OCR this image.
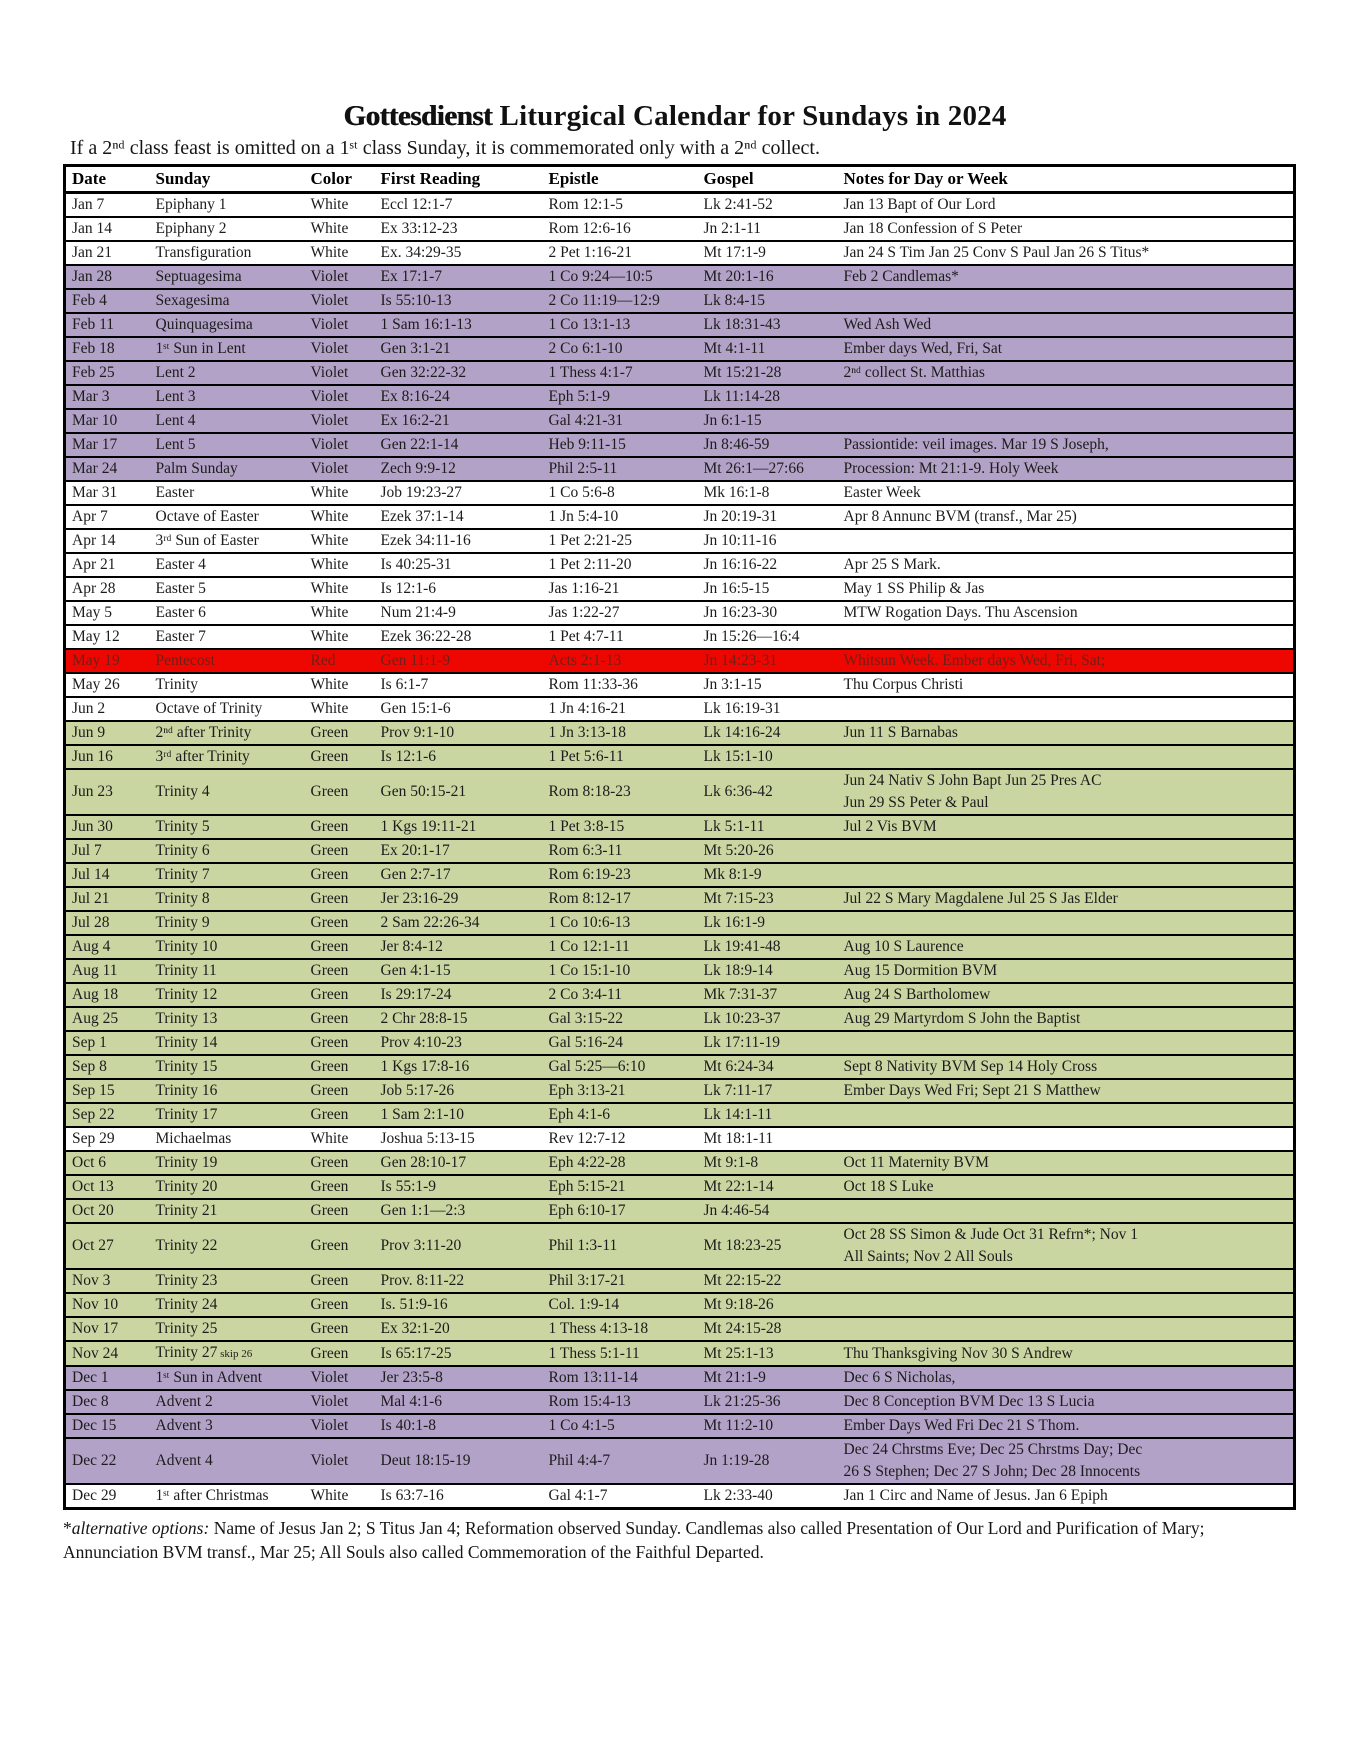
Gottesdienst Liturgical Calendar for Sundays in 2024
If a 2ⁿᵈ class feast is omitted on a 1ˢᵗ class Sunday, it is commemorated only with a 2ⁿᵈ collect.
Date	Sunday	Color	First Reading	Epistle	Gospel	Notes for Day or Week
Jan 7	Epiphany 1	White	Eccl 12:1-7	Rom 12:1-5	Lk 2:41-52	Jan 13 Bapt of Our Lord

Jan 14	Epiphany 2	White	Ex 33:12-23	Rom 12:6-16	Jn 2:1-11	Jan 18 Confession of S Peter

Jan 21	Transfiguration	White	Ex. 34:29-35	2 Pet 1:16-21	Mt 17:1-9	Jan 24 S Tim Jan 25 Conv S Paul Jan 26 S Titus*

Jan 28	Septuagesima	Violet	Ex 17:1-7	1 Co 9:24—10:5	Mt 20:1-16	Feb 2 Candlemas*

Feb 4	Sexagesima	Violet	Is 55:10-13	2 Co 11:19—12:9	Lk 8:4-15	
Feb 11	Quinquagesima	Violet	1 Sam 16:1-13	1 Co 13:1-13	Lk 18:31-43	Wed Ash Wed

Feb 18	1ˢᵗ Sun in Lent	Violet	Gen 3:1-21	2 Co 6:1-10	Mt 4:1-11	Ember days Wed, Fri, Sat

Feb 25	Lent 2	Violet	Gen 32:22-32	1 Thess 4:1-7	Mt 15:21-28	2ⁿᵈ collect St. Matthias

Mar 3	Lent 3	Violet	Ex 8:16-24	Eph 5:1-9	Lk 11:14-28	
Mar 10	Lent 4	Violet	Ex 16:2-21	Gal 4:21-31	Jn 6:1-15	
Mar 17	Lent 5	Violet	Gen 22:1-14	Heb 9:11-15	Jn 8:46-59	Passiontide: veil images. Mar 19 S Joseph,

Mar 24	Palm Sunday	Violet	Zech 9:9-12	Phil 2:5-11	Mt 26:1—27:66	Procession: Mt 21:1-9. Holy Week

Mar 31	Easter	White	Job 19:23-27	1 Co 5:6-8	Mk 16:1-8	Easter Week

Apr 7	Octave of Easter	White	Ezek 37:1-14	1 Jn 5:4-10	Jn 20:19-31	Apr 8 Annunc BVM (transf., Mar 25)

Apr 14	3ʳᵈ Sun of Easter	White	Ezek 34:11-16	1 Pet 2:21-25	Jn 10:11-16	
Apr 21	Easter 4	White	Is 40:25-31	1 Pet 2:11-20	Jn 16:16-22	Apr 25 S Mark.

Apr 28	Easter 5	White	Is 12:1-6	Jas 1:16-21	Jn 16:5-15	May 1 SS Philip & Jas

May 5	Easter 6	White	Num 21:4-9	Jas 1:22-27	Jn 16:23-30	MTW Rogation Days. Thu Ascension

May 12	Easter 7	White	Ezek 36:22-28	1 Pet 4:7-11	Jn 15:26—16:4	
May 19	Pentecost	Red	Gen 11:1-9	Acts 2:1-13	Jn 14:23-31	Whitsun Week. Ember days Wed, Fri, Sat;

May 26	Trinity	White	Is 6:1-7	Rom 11:33-36	Jn 3:1-15	Thu Corpus Christi

Jun 2	Octave of Trinity	White	Gen 15:1-6	1 Jn 4:16-21	Lk 16:19-31	
Jun 9	2ⁿᵈ after Trinity	Green	Prov 9:1-10	1 Jn 3:13-18	Lk 14:16-24	Jun 11 S Barnabas

Jun 16	3ʳᵈ after Trinity	Green	Is 12:1-6	1 Pet 5:6-11	Lk 15:1-10	
Jun 23	Trinity 4	Green	Gen 50:15-21	Rom 8:18-23	Lk 6:36-42	Jun 24 Nativ S John Bapt Jun 25 Pres AC
Jun 29 SS Peter & Paul

Jun 30	Trinity 5	Green	1 Kgs 19:11-21	1 Pet 3:8-15	Lk 5:1-11	Jul 2 Vis BVM

Jul 7	Trinity 6	Green	Ex 20:1-17	Rom 6:3-11	Mt 5:20-26	
Jul 14	Trinity 7	Green	Gen 2:7-17	Rom 6:19-23	Mk 8:1-9	
Jul 21	Trinity 8	Green	Jer 23:16-29	Rom 8:12-17	Mt 7:15-23	Jul 22 S Mary Magdalene Jul 25 S Jas Elder

Jul 28	Trinity 9	Green	2 Sam 22:26-34	1 Co 10:6-13	Lk 16:1-9	
Aug 4	Trinity 10	Green	Jer 8:4-12	1 Co 12:1-11	Lk 19:41-48	Aug 10 S Laurence

Aug 11	Trinity 11	Green	Gen 4:1-15	1 Co 15:1-10	Lk 18:9-14	Aug 15 Dormition BVM

Aug 18	Trinity 12	Green	Is 29:17-24	2 Co 3:4-11	Mk 7:31-37	Aug 24 S Bartholomew

Aug 25	Trinity 13	Green	2 Chr 28:8-15	Gal 3:15-22	Lk 10:23-37	Aug 29 Martyrdom S John the Baptist

Sep 1	Trinity 14	Green	Prov 4:10-23	Gal 5:16-24	Lk 17:11-19	
Sep 8	Trinity 15	Green	1 Kgs 17:8-16	Gal 5:25—6:10	Mt 6:24-34	Sept 8 Nativity BVM Sep 14 Holy Cross

Sep 15	Trinity 16	Green	Job 5:17-26	Eph 3:13-21	Lk 7:11-17	Ember Days Wed Fri; Sept 21 S Matthew

Sep 22	Trinity 17	Green	1 Sam 2:1-10	Eph 4:1-6	Lk 14:1-11	
Sep 29	Michaelmas	White	Joshua 5:13-15	Rev 12:7-12	Mt 18:1-11	
Oct 6	Trinity 19	Green	Gen 28:10-17	Eph 4:22-28	Mt 9:1-8	Oct 11 Maternity BVM

Oct 13	Trinity 20	Green	Is 55:1-9	Eph 5:15-21	Mt 22:1-14	Oct 18 S Luke

Oct 20	Trinity 21	Green	Gen 1:1—2:3	Eph 6:10-17	Jn 4:46-54	
Oct 27	Trinity 22	Green	Prov 3:11-20	Phil 1:3-11	Mt 18:23-25	Oct 28 SS Simon & Jude Oct 31 Refrn*; Nov 1
All Saints; Nov 2 All Souls

Nov 3	Trinity 23	Green	Prov. 8:11-22	Phil 3:17-21	Mt 22:15-22	
Nov 10	Trinity 24	Green	Is. 51:9-16	Col. 1:9-14	Mt 9:18-26	
Nov 17	Trinity 25	Green	Ex 32:1-20	1 Thess 4:13-18	Mt 24:15-28	
Nov 24	Trinity 27 skip 26	Green	Is 65:17-25	1 Thess 5:1-11	Mt 25:1-13	Thu Thanksgiving Nov 30 S Andrew

Dec 1	1ˢᵗ Sun in Advent	Violet	Jer 23:5-8	Rom 13:11-14	Mt 21:1-9	Dec 6 S Nicholas,

Dec 8	Advent 2	Violet	Mal 4:1-6	Rom 15:4-13	Lk 21:25-36	Dec 8 Conception BVM Dec 13 S Lucia

Dec 15	Advent 3	Violet	Is 40:1-8	1 Co 4:1-5	Mt 11:2-10	Ember Days Wed Fri Dec 21 S Thom.

Dec 22	Advent 4	Violet	Deut 18:15-19	Phil 4:4-7	Jn 1:19-28	Dec 24 Chrstms Eve; Dec 25 Chrstms Day; Dec
26 S Stephen; Dec 27 S John; Dec 28 Innocents

Dec 29	1ˢᵗ after Christmas	White	Is 63:7-16	Gal 4:1-7	Lk 2:33-40	Jan 1 Circ and Name of Jesus. Jan 6 Epiph
*alternative options: Name of Jesus Jan 2; S Titus Jan 4; Reformation observed Sunday. Candlemas also called Presentation of Our Lord and Purification of Mary; Annunciation BVM transf., Mar 25; All Souls also called Commemoration of the Faithful Departed.
